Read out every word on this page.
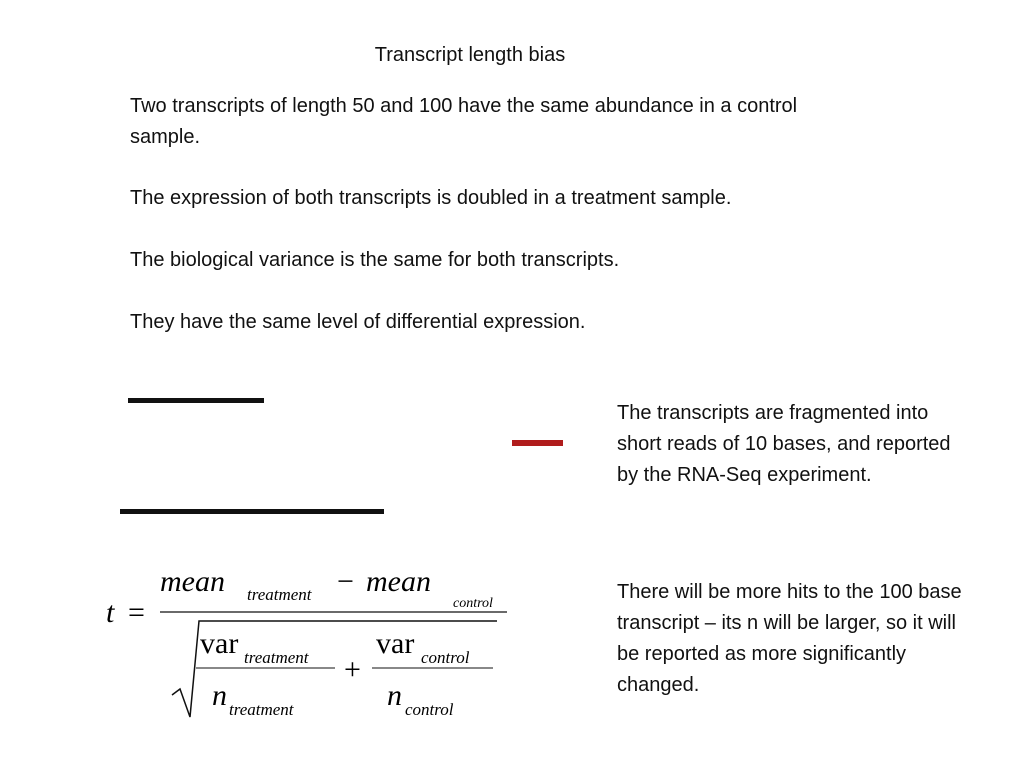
Transcript length bias

Two transcripts of length 50 and 100 have the same abundance in a control sample.

The expression of both transcripts is doubled in a treatment sample.

The biological variance is the same for both transcripts.

They have the same level of differential expression.

The transcripts are fragmented into short reads of 10 bases, and reported by the RNA-Seq experiment.

There will be more hits to the 100 base transcript – its n will be larger, so it will be reported as more significantly changed.

t =
mean treatment − mean
control
var treatment
n treatment
+
var control
n control
